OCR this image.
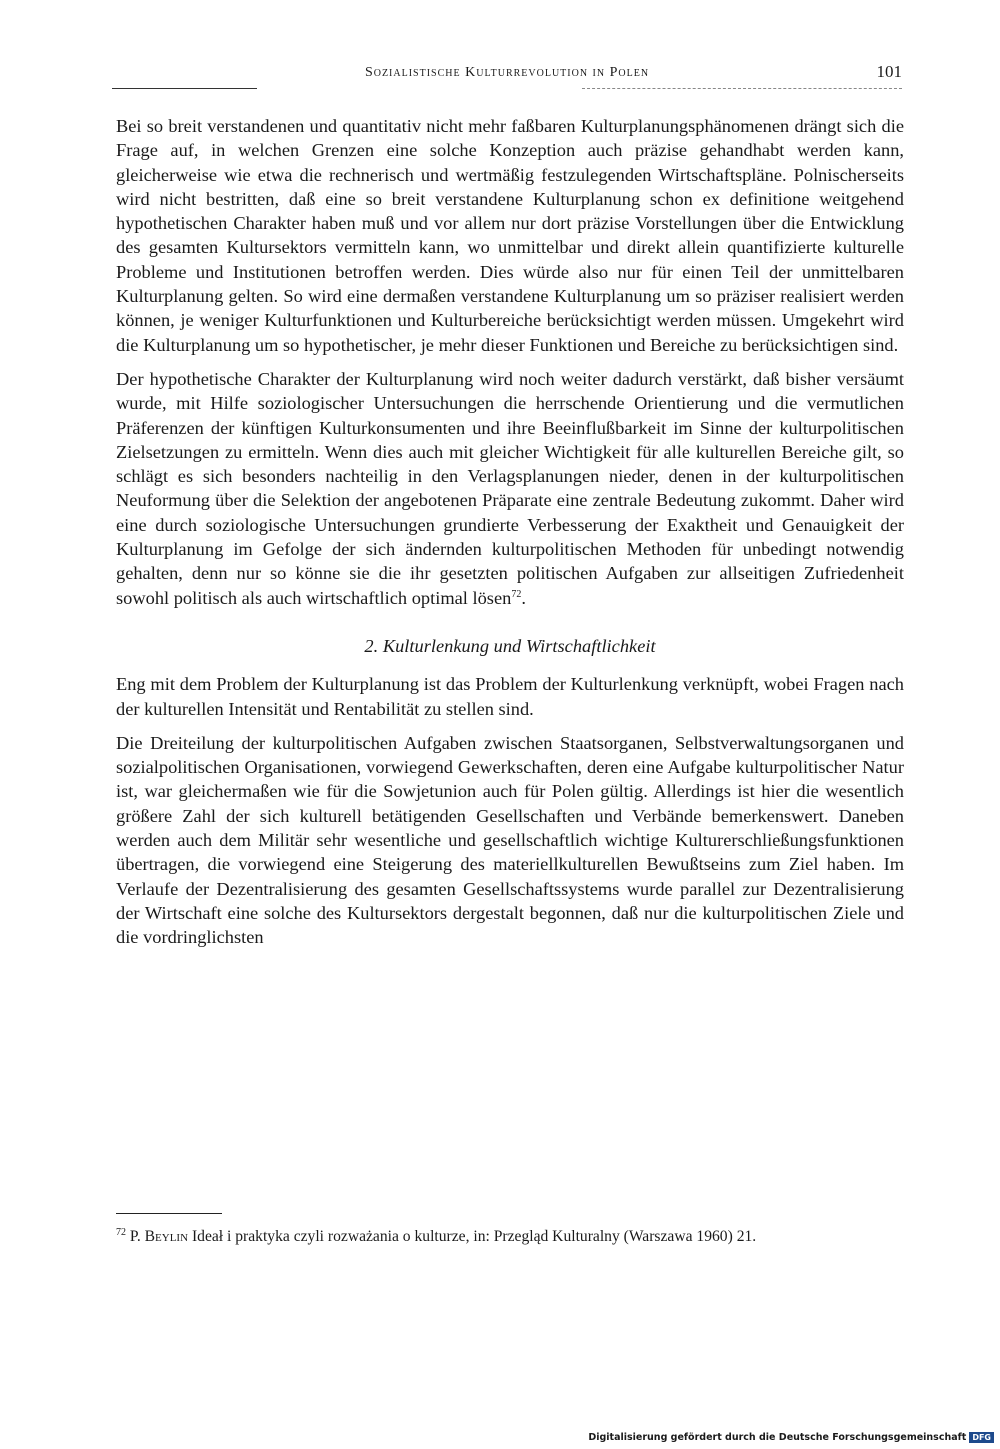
Sozialistische Kulturrevolution in Polen	101

Bei so breit verstandenen und quantitativ nicht mehr faßbaren Kulturplanungsphänomenen drängt sich die Frage auf, in welchen Grenzen eine solche Konzeption auch präzise gehandhabt werden kann, gleicherweise wie etwa die rechnerisch und wertmäßig festzulegenden Wirtschaftspläne. Polnischerseits wird nicht bestritten, daß eine so breit verstandene Kulturplanung schon ex definitione weitgehend hypothetischen Charakter haben muß und vor allem nur dort präzise Vorstellungen über die Entwicklung des gesamten Kultursektors vermitteln kann, wo unmittelbar und direkt allein quantifizierte kulturelle Probleme und Institutionen betroffen werden. Dies würde also nur für einen Teil der unmittelbaren Kulturplanung gelten. So wird eine dermaßen verstandene Kulturplanung um so präziser realisiert werden können, je weniger Kulturfunktionen und Kulturbereiche berücksichtigt werden müssen. Umgekehrt wird die Kulturplanung um so hypothetischer, je mehr dieser Funktionen und Bereiche zu berücksichtigen sind.

Der hypothetische Charakter der Kulturplanung wird noch weiter dadurch verstärkt, daß bisher versäumt wurde, mit Hilfe soziologischer Untersuchungen die herrschende Orientierung und die vermutlichen Präferenzen der künftigen Kulturkonsumenten und ihre Beeinflußbarkeit im Sinne der kulturpolitischen Zielsetzungen zu ermitteln. Wenn dies auch mit gleicher Wichtigkeit für alle kulturellen Bereiche gilt, so schlägt es sich besonders nachteilig in den Verlagsplanungen nieder, denen in der kulturpolitischen Neuformung über die Selektion der angebotenen Präparate eine zentrale Bedeutung zukommt. Daher wird eine durch soziologische Untersuchungen grundierte Verbesserung der Exaktheit und Genauigkeit der Kulturplanung im Gefolge der sich ändernden kulturpolitischen Methoden für unbedingt notwendig gehalten, denn nur so könne sie die ihr gesetzten politischen Aufgaben zur allseitigen Zufriedenheit sowohl politisch als auch wirtschaftlich optimal lösen$^{72}$.

2. Kulturlenkung und Wirtschaftlichkeit

Eng mit dem Problem der Kulturplanung ist das Problem der Kulturlenkung verknüpft, wobei Fragen nach der kulturellen Intensität und Rentabilität zu stellen sind.

Die Dreiteilung der kulturpolitischen Aufgaben zwischen Staatsorganen, Selbstverwaltungsorganen und sozialpolitischen Organisationen, vorwiegend Gewerkschaften, deren eine Aufgabe kulturpolitischer Natur ist, war gleichermaßen wie für die Sowjetunion auch für Polen gültig. Allerdings ist hier die wesentlich größere Zahl der sich kulturell betätigenden Gesellschaften und Verbände bemerkenswert. Daneben werden auch dem Militär sehr wesentliche und gesellschaftlich wichtige Kulturerschließungsfunktionen übertragen, die vorwiegend eine Steigerung des materiellkulturellen Bewußtseins zum Ziel haben. Im Verlaufe der Dezentralisierung des gesamten Gesellschaftssystems wurde parallel zur Dezentralisierung der Wirtschaft eine solche des Kultursektors dergestalt begonnen, daß nur die kulturpolitischen Ziele und die vordringlichsten

$^{72}$ P. Beylin Ideał i praktyka czyli rozważania o kulturze, in: Przegląd Kulturalny (Warszawa 1960) 21.
Digitalisierung gefördert durch die Deutsche Forschungsgemeinschaft DFG
